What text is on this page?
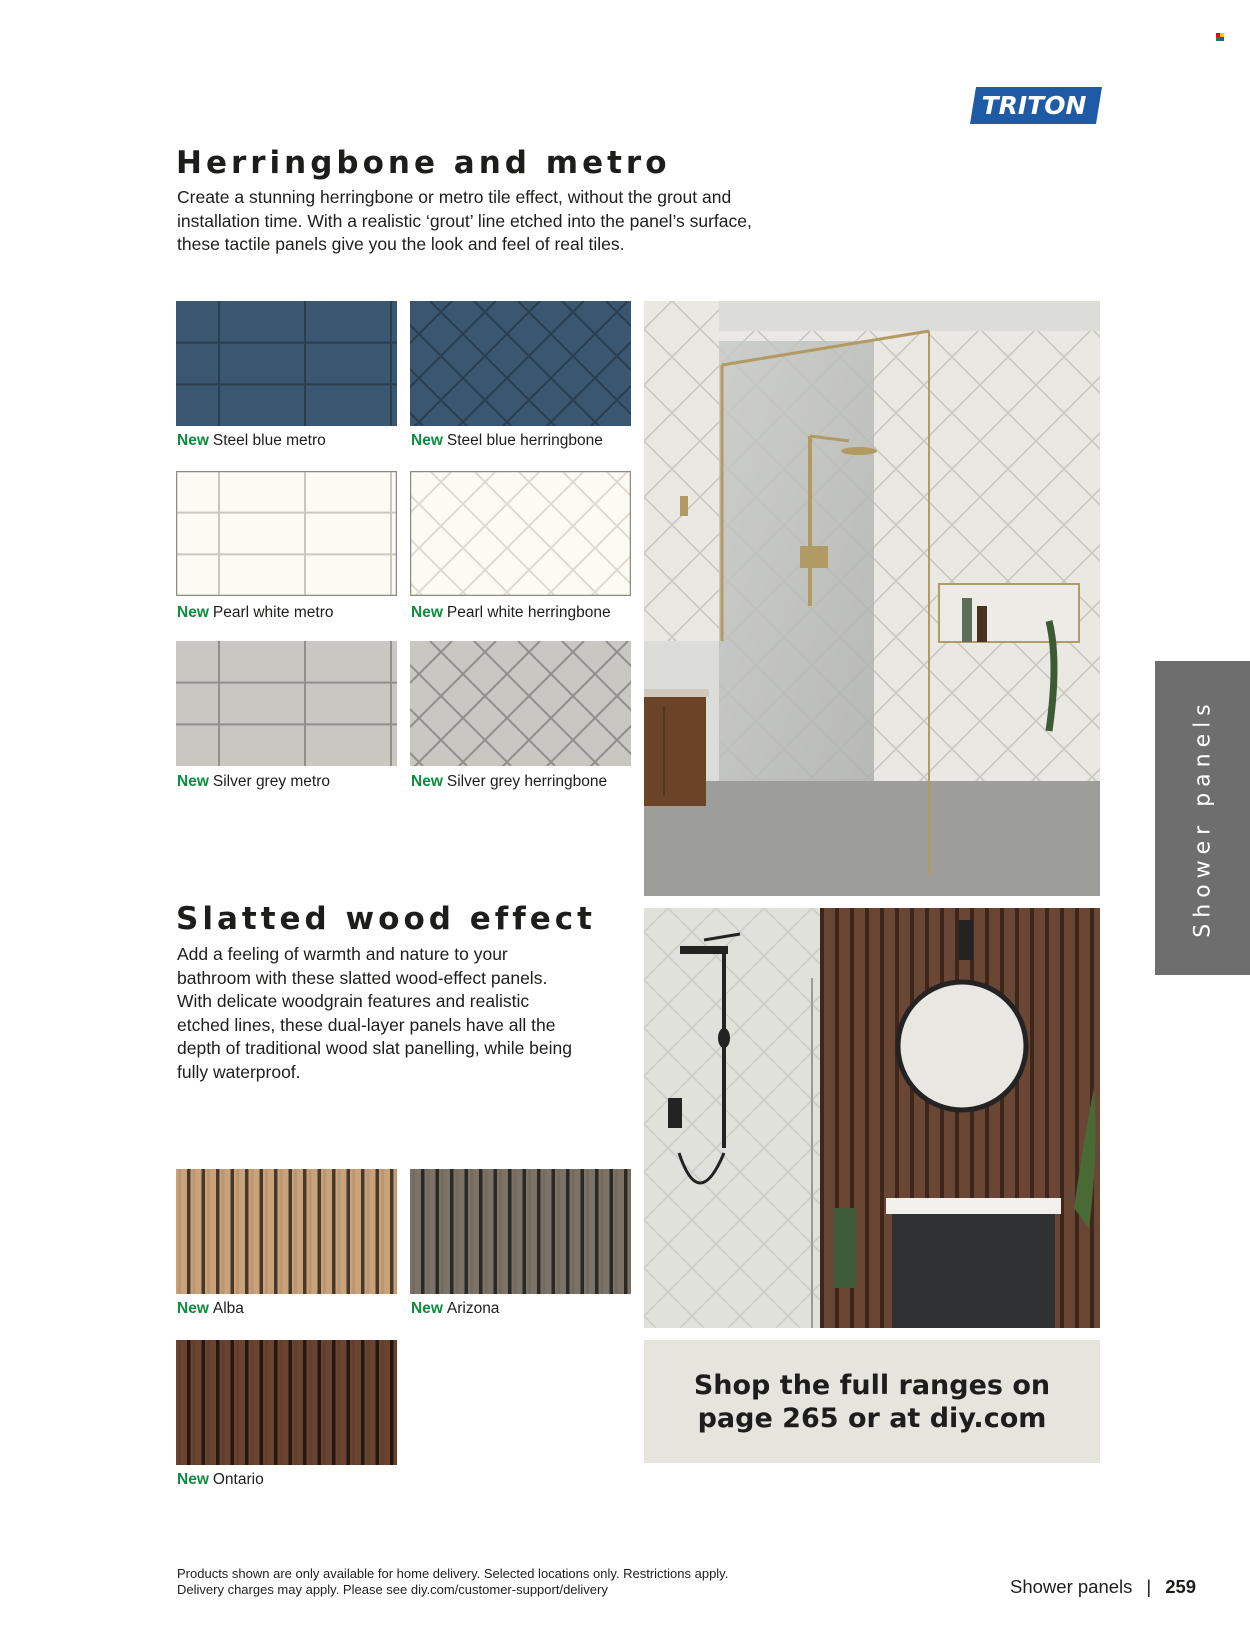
TRITON
Herringbone and metro
Create a stunning herringbone or metro tile effect, without the grout and
installation time. With a realistic ‘grout’ line etched into the panel’s surface,
these tactile panels give you the look and feel of real tiles.
New Steel blue metro	New Steel blue herringbone
New Pearl white metro	New Pearl white herringbone
New Silver grey metro	New Silver grey herringbone
Slatted wood effect
Add a feeling of warmth and nature to your
bathroom with these slatted wood-effect panels.
With delicate woodgrain features and realistic
etched lines, these dual-layer panels have all the
depth of traditional wood slat panelling, while being
fully waterproof.
New Alba	New Arizona
New Ontario

Shop the full ranges on

page 265 or at diy.com

Shower panels
Products shown are only available for home delivery. Selected locations only. Restrictions apply.
Delivery charges may apply. Please see diy.com/customer-support/delivery	Shower panels | 259
